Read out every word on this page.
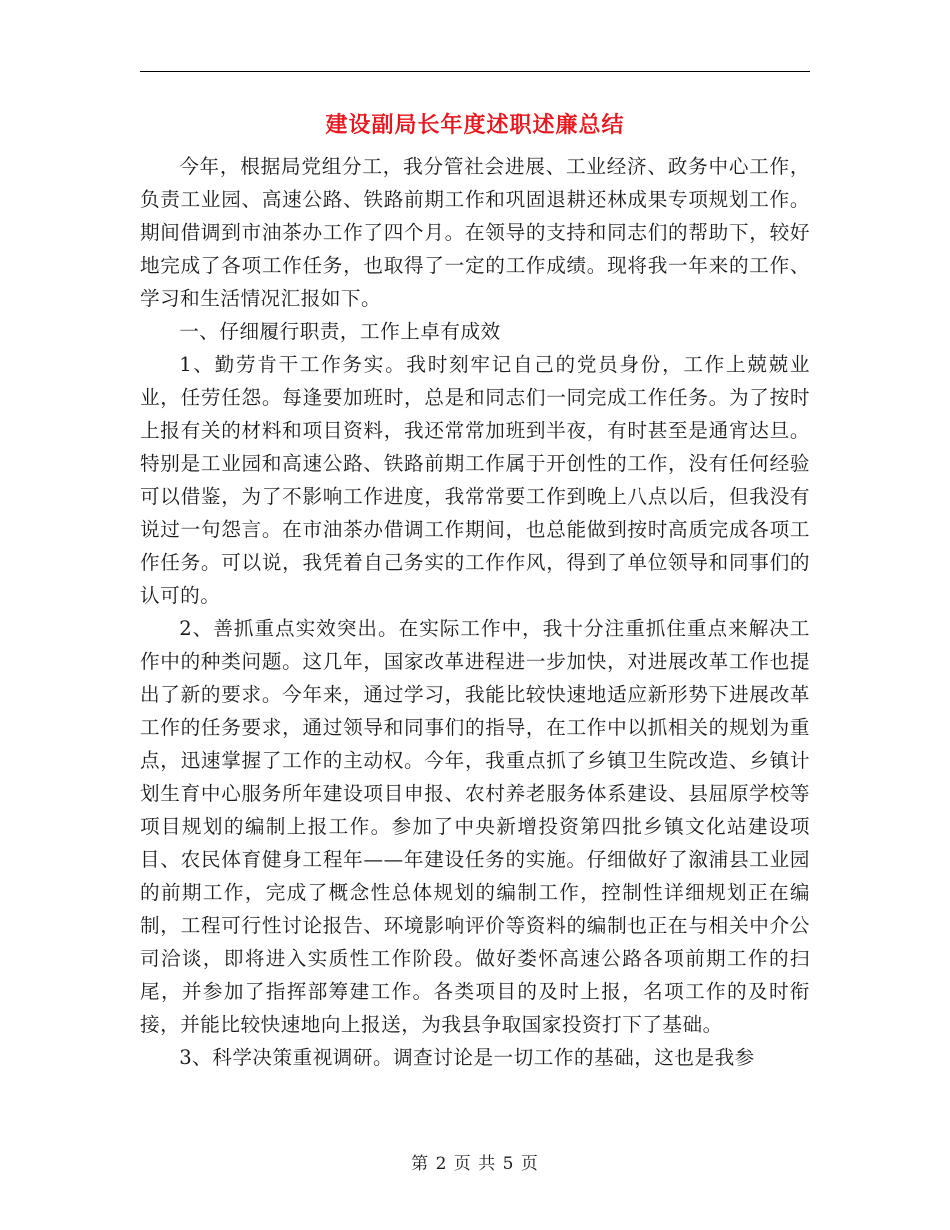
建设副局长年度述职述廉总结

今年，根据局党组分工，我分管社会进展、工业经济、政务中心工作，负责工业园、高速公路、铁路前期工作和巩固退耕还林成果专项规划工作。期间借调到市油茶办工作了四个月。在领导的支持和同志们的帮助下，较好地完成了各项工作任务，也取得了一定的工作成绩。现将我一年来的工作、学习和生活情况汇报如下。

一、仔细履行职责，工作上卓有成效

1、勤劳肯干工作务实。我时刻牢记自己的党员身份，工作上兢兢业业，任劳任怨。每逢要加班时，总是和同志们一同完成工作任务。为了按时上报有关的材料和项目资料，我还常常加班到半夜，有时甚至是通宵达旦。特别是工业园和高速公路、铁路前期工作属于开创性的工作，没有任何经验可以借鉴，为了不影响工作进度，我常常要工作到晚上八点以后，但我没有说过一句怨言。在市油茶办借调工作期间，也总能做到按时高质完成各项工作任务。可以说，我凭着自己务实的工作作风，得到了单位领导和同事们的认可的。

2、善抓重点实效突出。在实际工作中，我十分注重抓住重点来解决工作中的种类问题。这几年，国家改革进程进一步加快，对进展改革工作也提出了新的要求。今年来，通过学习，我能比较快速地适应新形势下进展改革工作的任务要求，通过领导和同事们的指导，在工作中以抓相关的规划为重点，迅速掌握了工作的主动权。今年，我重点抓了乡镇卫生院改造、乡镇计划生育中心服务所年建设项目申报、农村养老服务体系建设、县屈原学校等项目规划的编制上报工作。参加了中央新增投资第四批乡镇文化站建设项目、农民体育健身工程年——年建设任务的实施。仔细做好了溆浦县工业园的前期工作，完成了概念性总体规划的编制工作，控制性详细规划正在编制，工程可行性讨论报告、环境影响评价等资料的编制也正在与相关中介公司洽谈，即将进入实质性工作阶段。做好娄怀高速公路各项前期工作的扫尾，并参加了指挥部筹建工作。各类项目的及时上报，名项工作的及时衔接，并能比较快速地向上报送，为我县争取国家投资打下了基础。

3、科学决策重视调研。调查讨论是一切工作的基础，这也是我参

第 2 页 共 5 页
